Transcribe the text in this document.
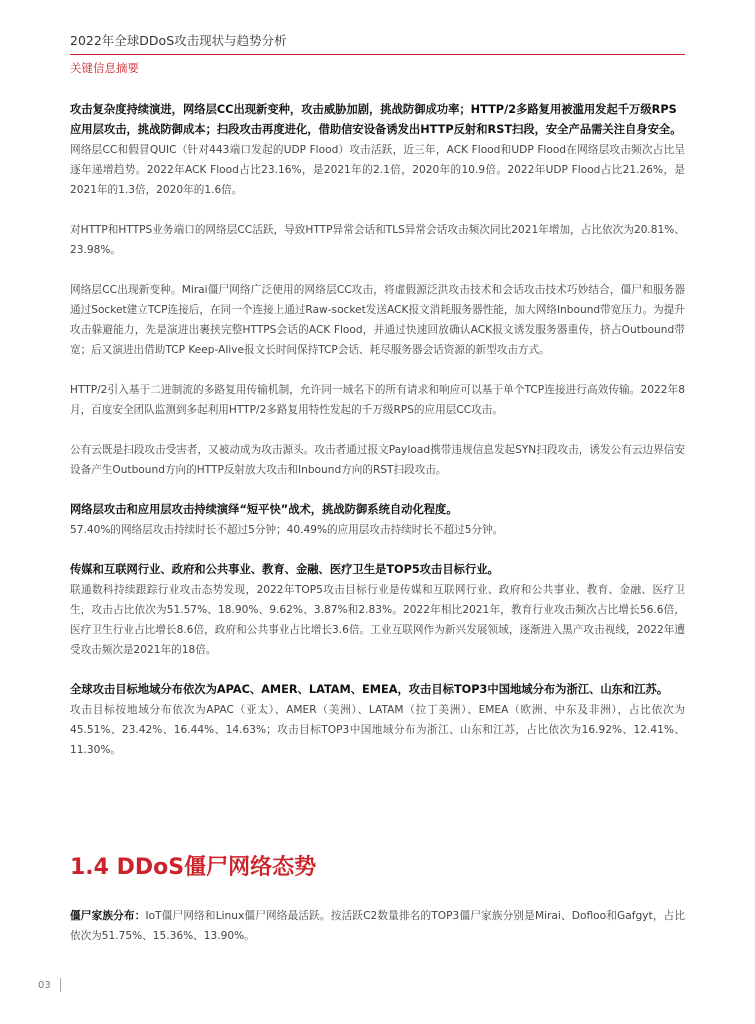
2022年全球DDoS攻击现状与趋势分析
关键信息摘要
攻击复杂度持续演进，网络层CC出现新变种，攻击威胁加剧，挑战防御成功率；HTTP/2多路复用被滥用发起千万级RPS应用层攻击，挑战防御成本；扫段攻击再度进化，借助信安设备诱发出HTTP反射和RST扫段，安全产品需关注自身安全。
网络层CC和假冒QUIC（针对443端口发起的UDP Flood）攻击活跃，近三年，ACK Flood和UDP Flood在网络层攻击频次占比呈逐年递增趋势。2022年ACK Flood占比23.16%，是2021年的2.1倍，2020年的10.9倍。2022年UDP Flood占比21.26%，是2021年的1.3倍，2020年的1.6倍。
对HTTP和HTTPS业务端口的网络层CC活跃，导致HTTP异常会话和TLS异常会话攻击频次同比2021年增加，占比依次为20.81%、23.98%。
网络层CC出现新变种。Mirai僵尸网络广泛使用的网络层CC攻击，将虚假源泛洪攻击技术和会话攻击技术巧妙结合，僵尸和服务器通过Socket建立TCP连接后，在同一个连接上通过Raw-socket发送ACK报文消耗服务器性能，加大网络Inbound带宽压力。为提升攻击躲避能力，先是演进出裹挟完整HTTPS会话的ACK Flood，并通过快速回放确认ACK报文诱发服务器重传，挤占Outbound带宽；后又演进出借助TCP Keep-Alive报文长时间保持TCP会话、耗尽服务器会话资源的新型攻击方式。
HTTP/2引入基于二进制流的多路复用传输机制，允许同一域名下的所有请求和响应可以基于单个TCP连接进行高效传输。2022年8月，百度安全团队监测到多起利用HTTP/2多路复用特性发起的千万级RPS的应用层CC攻击。
公有云既是扫段攻击受害者，又被动成为攻击源头。攻击者通过报文Payload携带违规信息发起SYN扫段攻击，诱发公有云边界信安设备产生Outbound方向的HTTP反射放大攻击和Inbound方向的RST扫段攻击。
网络层攻击和应用层攻击持续演绎“短平快”战术，挑战防御系统自动化程度。
57.40%的网络层攻击持续时长不超过5分钟；40.49%的应用层攻击持续时长不超过5分钟。
传媒和互联网行业、政府和公共事业、教育、金融、医疗卫生是TOP5攻击目标行业。
联通数科持续跟踪行业攻击态势发现，2022年TOP5攻击目标行业是传媒和互联网行业、政府和公共事业、教育、金融、医疗卫生，攻击占比依次为51.57%、18.90%、9.62%、3.87%和2.83%。2022年相比2021年，教育行业攻击频次占比增长56.6倍，医疗卫生行业占比增长8.6倍，政府和公共事业占比增长3.6倍。工业互联网作为新兴发展领域，逐渐进入黑产攻击视线，2022年遭受攻击频次是2021年的18倍。
全球攻击目标地域分布依次为APAC、AMER、LATAM、EMEA，攻击目标TOP3中国地域分布为浙江、山东和江苏。
攻击目标按地域分布依次为APAC（亚太）、AMER（美洲）、LATAM（拉丁美洲）、EMEA（欧洲、中东及非洲），占比依次为45.51%、23.42%、16.44%、14.63%；攻击目标TOP3中国地域分布为浙江、山东和江苏，占比依次为16.92%、12.41%、11.30%。
1.4 DDoS僵尸网络态势
僵尸家族分布：IoT僵尸网络和Linux僵尸网络最活跃。按活跃C2数量排名的TOP3僵尸家族分别是Mirai、Dofloo和Gafgyt，占比依次为51.75%、15.36%、13.90%。
03
